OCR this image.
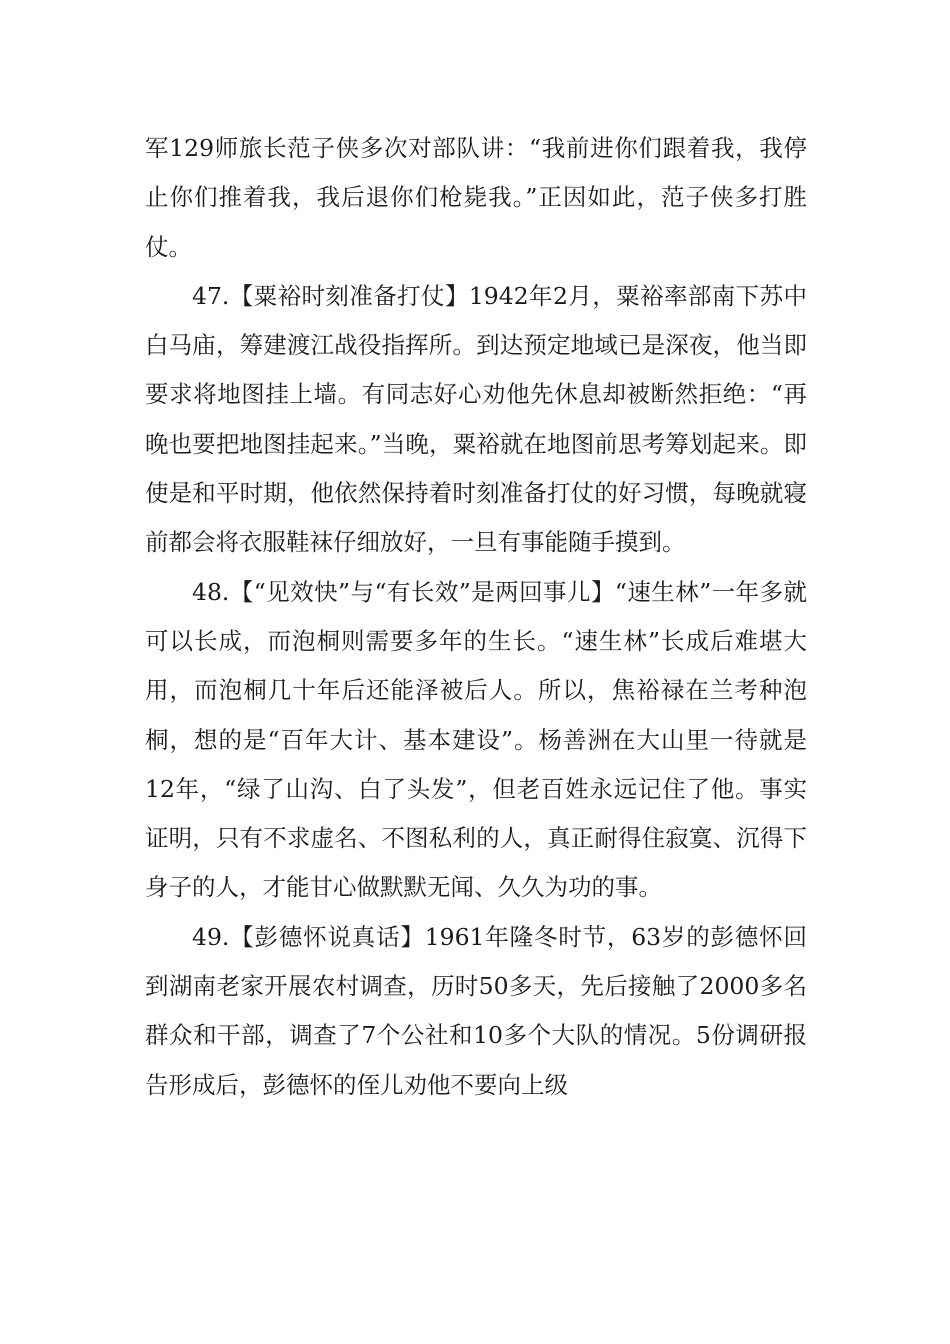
军129师旅长范子侠多次对部队讲：“我前进你们跟着我，我停止你们推着我，我后退你们枪毙我。”正因如此，范子侠多打胜仗。

47.【粟裕时刻准备打仗】1942年2月，粟裕率部南下苏中白马庙，筹建渡江战役指挥所。到达预定地域已是深夜，他当即要求将地图挂上墙。有同志好心劝他先休息却被断然拒绝：“再晚也要把地图挂起来。”当晚，粟裕就在地图前思考筹划起来。即使是和平时期，他依然保持着时刻准备打仗的好习惯，每晚就寝前都会将衣服鞋袜仔细放好，一旦有事能随手摸到。

48.【“见效快”与“有长效”是两回事儿】“速生林”一年多就可以长成，而泡桐则需要多年的生长。“速生林”长成后难堪大用，而泡桐几十年后还能泽被后人。所以，焦裕禄在兰考种泡桐，想的是“百年大计、基本建设”。杨善洲在大山里一待就是12年，“绿了山沟、白了头发”，但老百姓永远记住了他。事实证明，只有不求虚名、不图私利的人，真正耐得住寂寞、沉得下身子的人，才能甘心做默默无闻、久久为功的事。

49.【彭德怀说真话】1961年隆冬时节，63岁的彭德怀回到湖南老家开展农村调查，历时50多天，先后接触了2000多名群众和干部，调查了7个公社和10多个大队的情况。5份调研报告形成后，彭德怀的侄儿劝他不要向上级
